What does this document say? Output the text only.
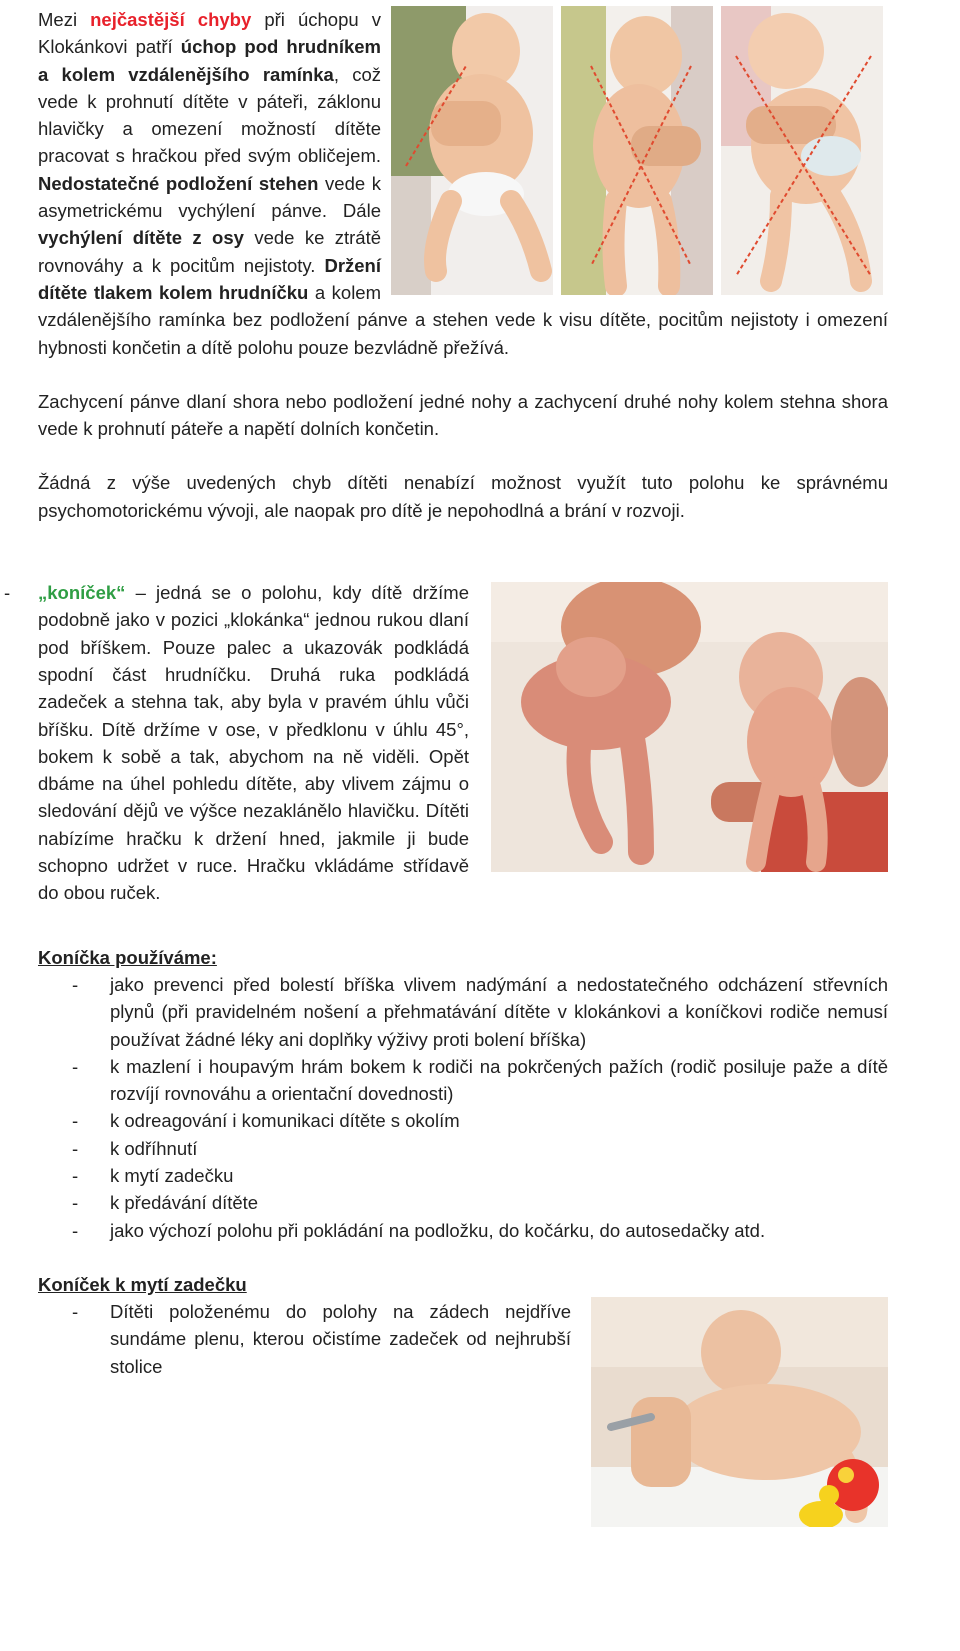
Mezi nejčastější chyby při úchopu v Klokánkovi patří úchop pod hrudníkem a kolem vzdálenějšího ramínka, což vede k prohnutí dítěte v páteři, záklonu hlavičky a omezení možností dítěte pracovat s hračkou před svým obličejem. Nedostatečné podložení stehen vede k asymetrickému vychýlení pánve. Dále vychýlení dítěte z osy vede ke ztrátě rovnováhy a k pocitům nejistoty. Držení dítěte tlakem kolem hrudníčku a kolem vzdálenějšího ramínka bez podložení pánve a stehen vede k visu dítěte, pocitům nejistoty i omezení hybnosti končetin a dítě polohu pouze bezvládně přežívá.

Zachycení pánve dlaní shora nebo podložení jedné nohy a zachycení druhé nohy kolem stehna shora vede k prohnutí páteře a napětí dolních končetin.

Žádná z výše uvedených chyb dítěti nenabízí možnost využít tuto polohu ke správnému psychomotorickému vývoji, ale naopak pro dítě je nepohodlná a brání v rozvoji.

- „koníček“ – jedná se o polohu, kdy dítě držíme podobně jako v pozici „klokánka“ jednou rukou dlaní pod bříškem. Pouze palec a ukazovák podkládá spodní část hrudníčku. Druhá ruka podkládá zadeček a stehna tak, aby byla v pravém úhlu vůči bříšku. Dítě držíme v ose, v předklonu v úhlu 45°, bokem k sobě a tak, abychom na ně viděli. Opět dbáme na úhel pohledu dítěte, aby vlivem zájmu o sledování dějů ve výšce nezaklánělo hlavičku. Dítěti nabízíme hračku k držení hned, jakmile ji bude schopno udržet v ruce. Hračku vkládáme střídavě do obou ruček.

Koníčka používáme:
- jako prevenci před bolestí bříška vlivem nadýmání a nedostatečného odcházení střevních plynů (při pravidelném nošení a přehmatávání dítěte v klokánkovi a koníčkovi rodiče nemusí používat žádné léky ani doplňky výživy proti bolení bříška)
- k mazlení i houpavým hrám bokem k rodiči na pokrčených pažích (rodič posiluje paže a dítě rozvíjí rovnováhu a orientační dovednosti)
- k odreagování i komunikaci dítěte s okolím
- k odříhnutí
- k mytí zadečku
- k předávání dítěte
- jako výchozí polohu při pokládání na podložku, do kočárku, do autosedačky atd.
Koníček k mytí zadečku
- Dítěti položenému do polohy na zádech nejdříve sundáme plenu, kterou očistíme zadeček od nejhrubší stolice
